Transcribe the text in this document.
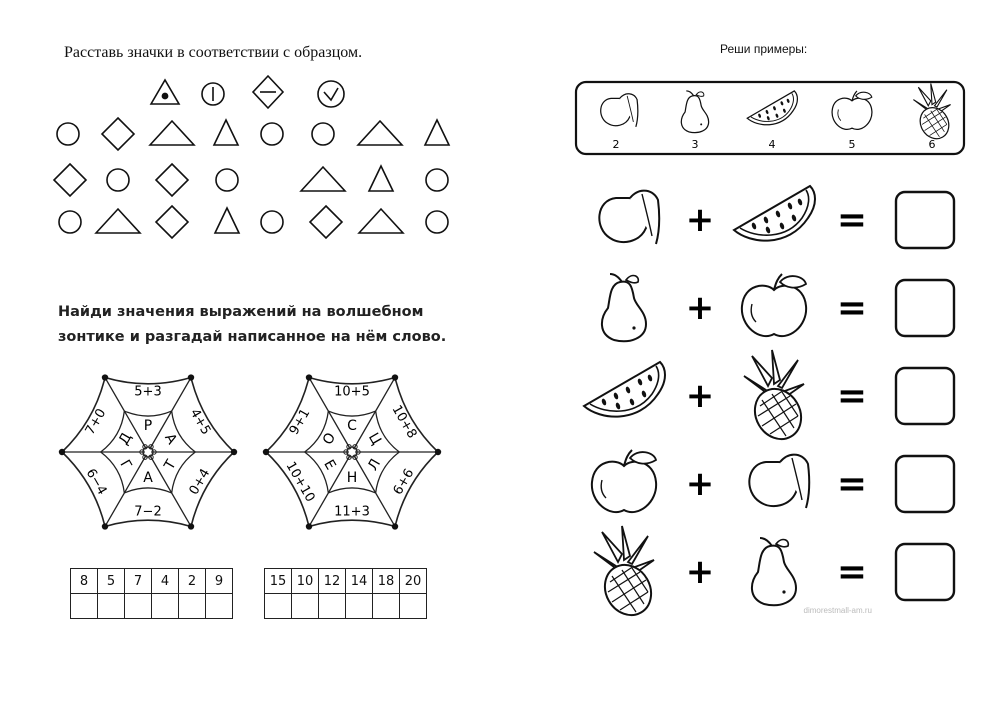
Расставь значки в соответствии с образцом.
Найди значения выражений на волшебном
зонтике и разгадай написанное на нём слово.
Р
5+3
А
4+5
Т
0+4
А
7−2
Г
6−4
Д
7+0	С
10+5
Ц 10+8
Л
6+6
Н
11+3
Е
10+10
О
9+1
8	5	7	4	2	9
						15	10	12	14	18	20

Реши примеры:
2	3	4	5	6
+	=
+	=
+	=
+	=
+	=
dimorestmall-am.ru
